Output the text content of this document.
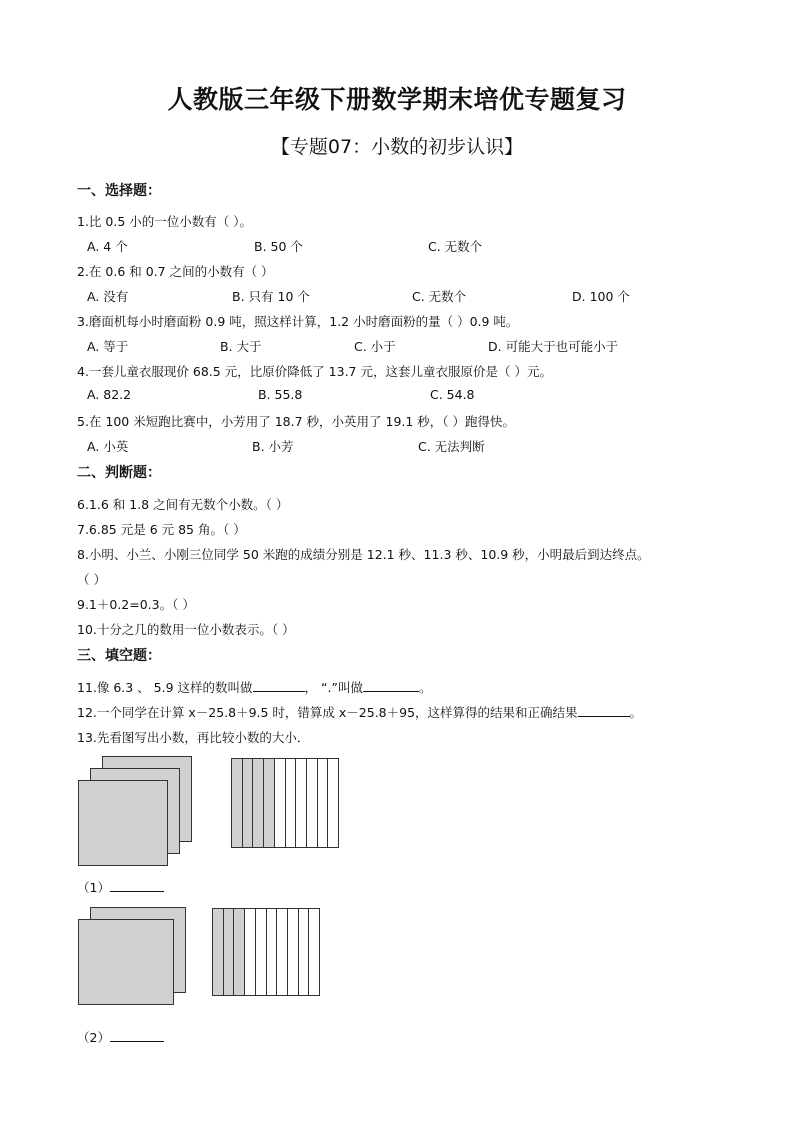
人教版三年级下册数学期末培优专题复习
【专题07：小数的初步认识】
一、选择题：
1.比 0.5 小的一位小数有（ ）。
A. 4 个	B. 50 个	C. 无数个
2.在 0.6 和 0.7 之间的小数有（ ）
A. 没有	B. 只有 10 个	C. 无数个	D. 100 个
3.磨面机每小时磨面粉 0.9 吨，照这样计算，1.2 小时磨面粉的量（ ）0.9 吨。
A. 等于	B. 大于	C. 小于	D. 可能大于也可能小于
4.一套儿童衣服现价 68.5 元，比原价降低了 13.7 元，这套儿童衣服原价是（ ）元。
A. 82.2	B. 55.8	C. 54.8
5.在 100 米短跑比赛中，小芳用了 18.7 秒，小英用了 19.1 秒，（ ）跑得快。
A. 小英	B. 小芳	C. 无法判断
二、判断题：
6.1.6 和 1.8 之间有无数个小数。（ ）
7.6.85 元是 6 元 85 角。（ ）
8.小明、小兰、小刚三位同学 50 米跑的成绩分别是 12.1 秒、11.3 秒、10.9 秒，小明最后到达终点。
（ ）
9.1＋0.2=0.3。（ ）
10.十分之几的数用一位小数表示。（ ）
三、填空题：
11.像 6.3 、 5.9 这样的数叫做	， “.”叫做	。
12.一个同学在计算 x－25.8＋9.5 时，错算成 x－25.8＋95，这样算得的结果和正确结果	。
13.先看图写出小数，再比较小数的大小．
（1）
（2）
